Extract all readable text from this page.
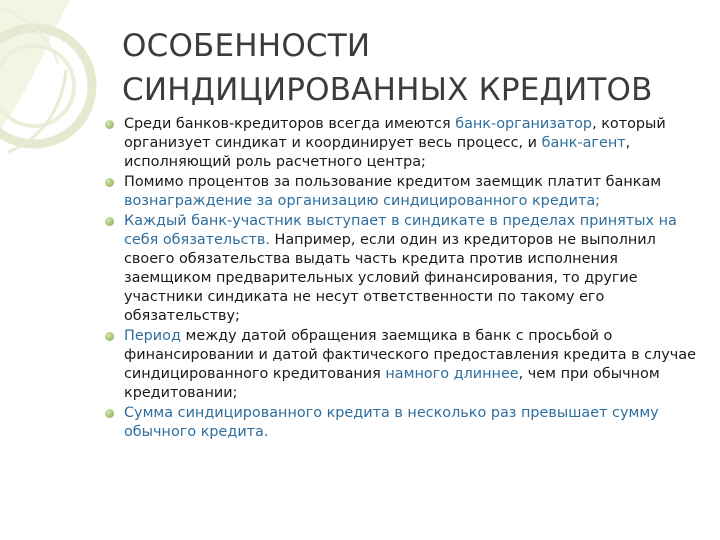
ОСОБЕННОСТИ
СИНДИЦИРОВАННЫХ КРЕДИТОВ
Среди банков-кредиторов всегда имеются банк-организатор, который организует синдикат и координирует весь процесс, и банк-агент, исполняющий роль расчетного центра;
Помимо процентов за пользование кредитом заемщик платит банкам вознаграждение за организацию синдицированного кредита;
Каждый банк-участник выступает в синдикате в пределах принятых на себя обязательств. Например, если один из кредиторов не выполнил своего обязательства выдать часть кредита против исполнения заемщиком предварительных условий финансирования, то другие участники синдиката не несут ответственности по такому его обязательству;
Период между датой обращения заемщика в банк с просьбой о финансировании и датой фактического предоставления кредита в случае синдицированного кредитования намного длиннее, чем при обычном кредитовании;
Сумма синдицированного кредита в несколько раз превышает сумму обычного кредита.
